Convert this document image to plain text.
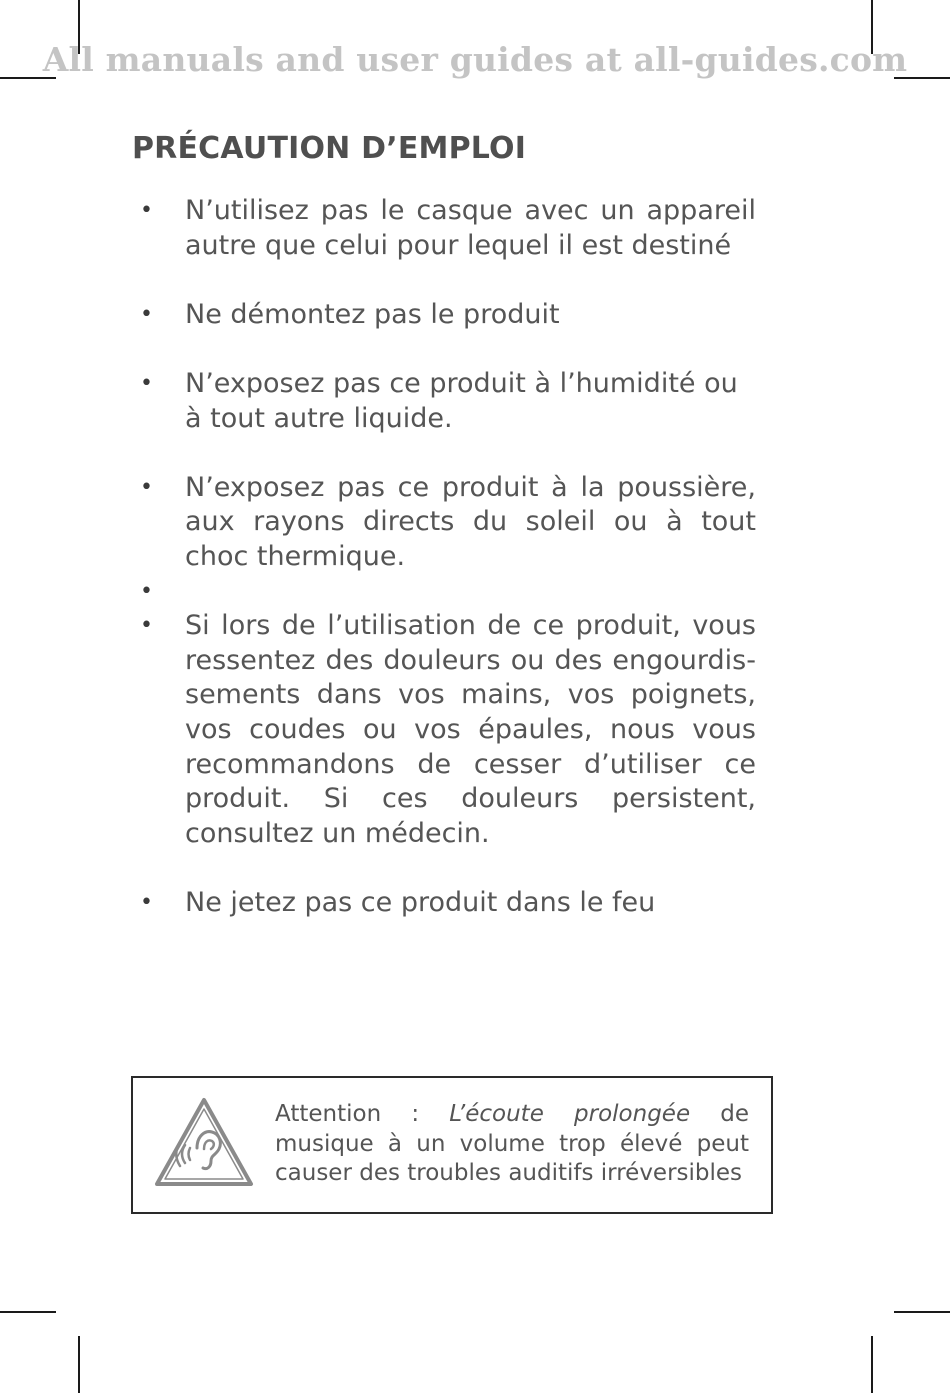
All manuals and user guides at all-guides.com
PRÉCAUTION D’EMPLOI
• N’utilisez pas le casque avec un appareil autre que celui pour lequel il est destiné
• Ne démontez pas le produit
• N’exposez pas ce produit à l’humidité ou à tout autre liquide.
• N’exposez pas ce produit à la poussière, aux rayons directs du soleil ou à tout choc thermique.
•
• Si lors de l’utilisation de ce produit, vous ressentez des douleurs ou des engourdis-sements dans vos mains, vos poignets, vos coudes ou vos épaules, nous vous recommandons de cesser d’utiliser ce produit. Si ces douleurs persistent, consultez un médecin.
• Ne jetez pas ce produit dans le feu
Attention : L’écoute prolongée de
musique à un volume trop élevé peut
causer des troubles auditifs irréversibles
